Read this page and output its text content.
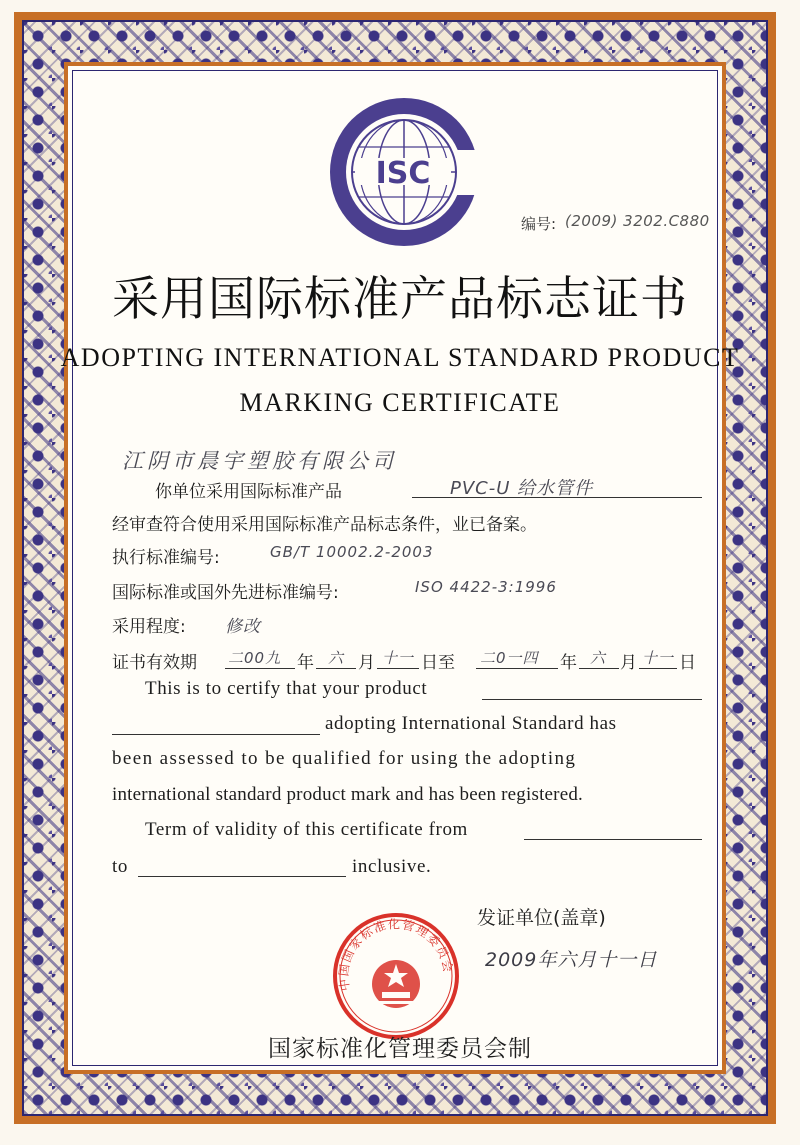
ISC
编号: (2009) 3202.C880
采用国际标准产品标志证书
ADOPTING INTERNATIONAL STANDARD PRODUCT
MARKING CERTIFICATE
江阴市晨宇塑胶有限公司
你单位采用国际标准产品	PVC-U 给水管件
经审查符合使用采用国际标准产品标志条件，业已备案。
执行标准编号:	GB/T 10002.2-2003
国际标准或国外先进标准编号:	ISO 4422-3:1996
采用程度: 修改
证书有效期 二00九 年 六 月 十一 日至 二0一四 年 六 月 十一 日
This is to certify that your product
adopting International Standard has
been assessed to be qualified for using the adopting
international standard product mark and has been registered.
Term of validity of this certificate from
to	inclusive.
中国国家标准化管理委员会
发证单位(盖章)
2009年六月十一日
国家标准化管理委员会制
